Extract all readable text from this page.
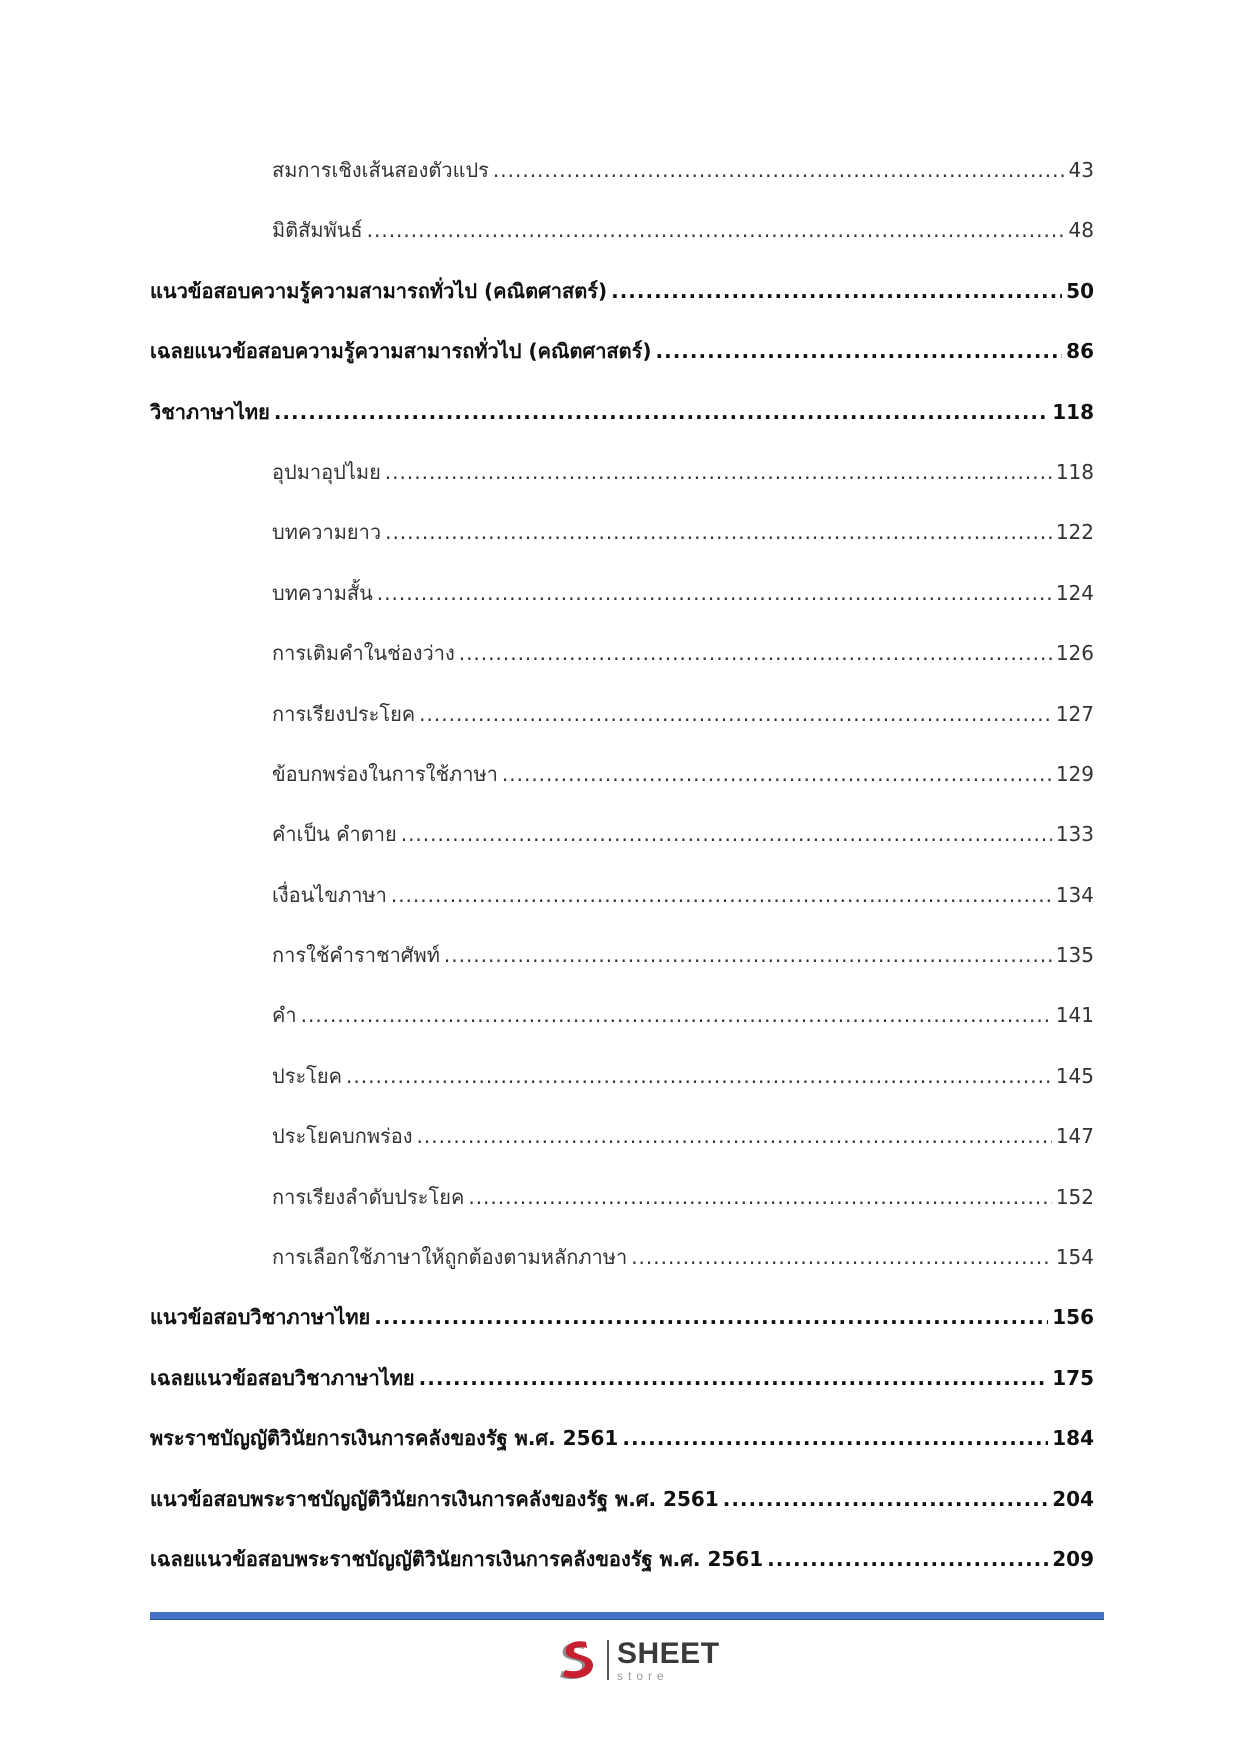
สมการเชิงเส้นสองตัวแปร .....	43
มิติสัมพันธ์ .....	48
แนวข้อสอบความรู้ความสามารถทั่วไป (คณิตศาสตร์) .....	50
เฉลยแนวข้อสอบความรู้ความสามารถทั่วไป (คณิตศาสตร์) .....	86
วิชาภาษาไทย .....	118
อุปมาอุปไมย .....	118
บทความยาว .....	122
บทความสั้น .....	124
การเติมคำในช่องว่าง .....	126
การเรียงประโยค .....	127
ข้อบกพร่องในการใช้ภาษา .....	129
คำเป็น คำตาย .....	133
เงื่อนไขภาษา .....	134
การใช้คำราชาศัพท์ .....	135
คำ .....	141
ประโยค .....	145
ประโยคบกพร่อง .....	147
การเรียงลำดับประโยค .....	152
การเลือกใช้ภาษาให้ถูกต้องตามหลักภาษา .....	154
แนวข้อสอบวิชาภาษาไทย .....	156
เฉลยแนวข้อสอบวิชาภาษาไทย .....	175
พระราชบัญญัติวินัยการเงินการคลังของรัฐ พ.ศ. 2561 .....	184
แนวข้อสอบพระราชบัญญัติวินัยการเงินการคลังของรัฐ พ.ศ. 2561 .....	204
เฉลยแนวข้อสอบพระราชบัญญัติวินัยการเงินการคลังของรัฐ พ.ศ. 2561 .....	209
SHEET
store
